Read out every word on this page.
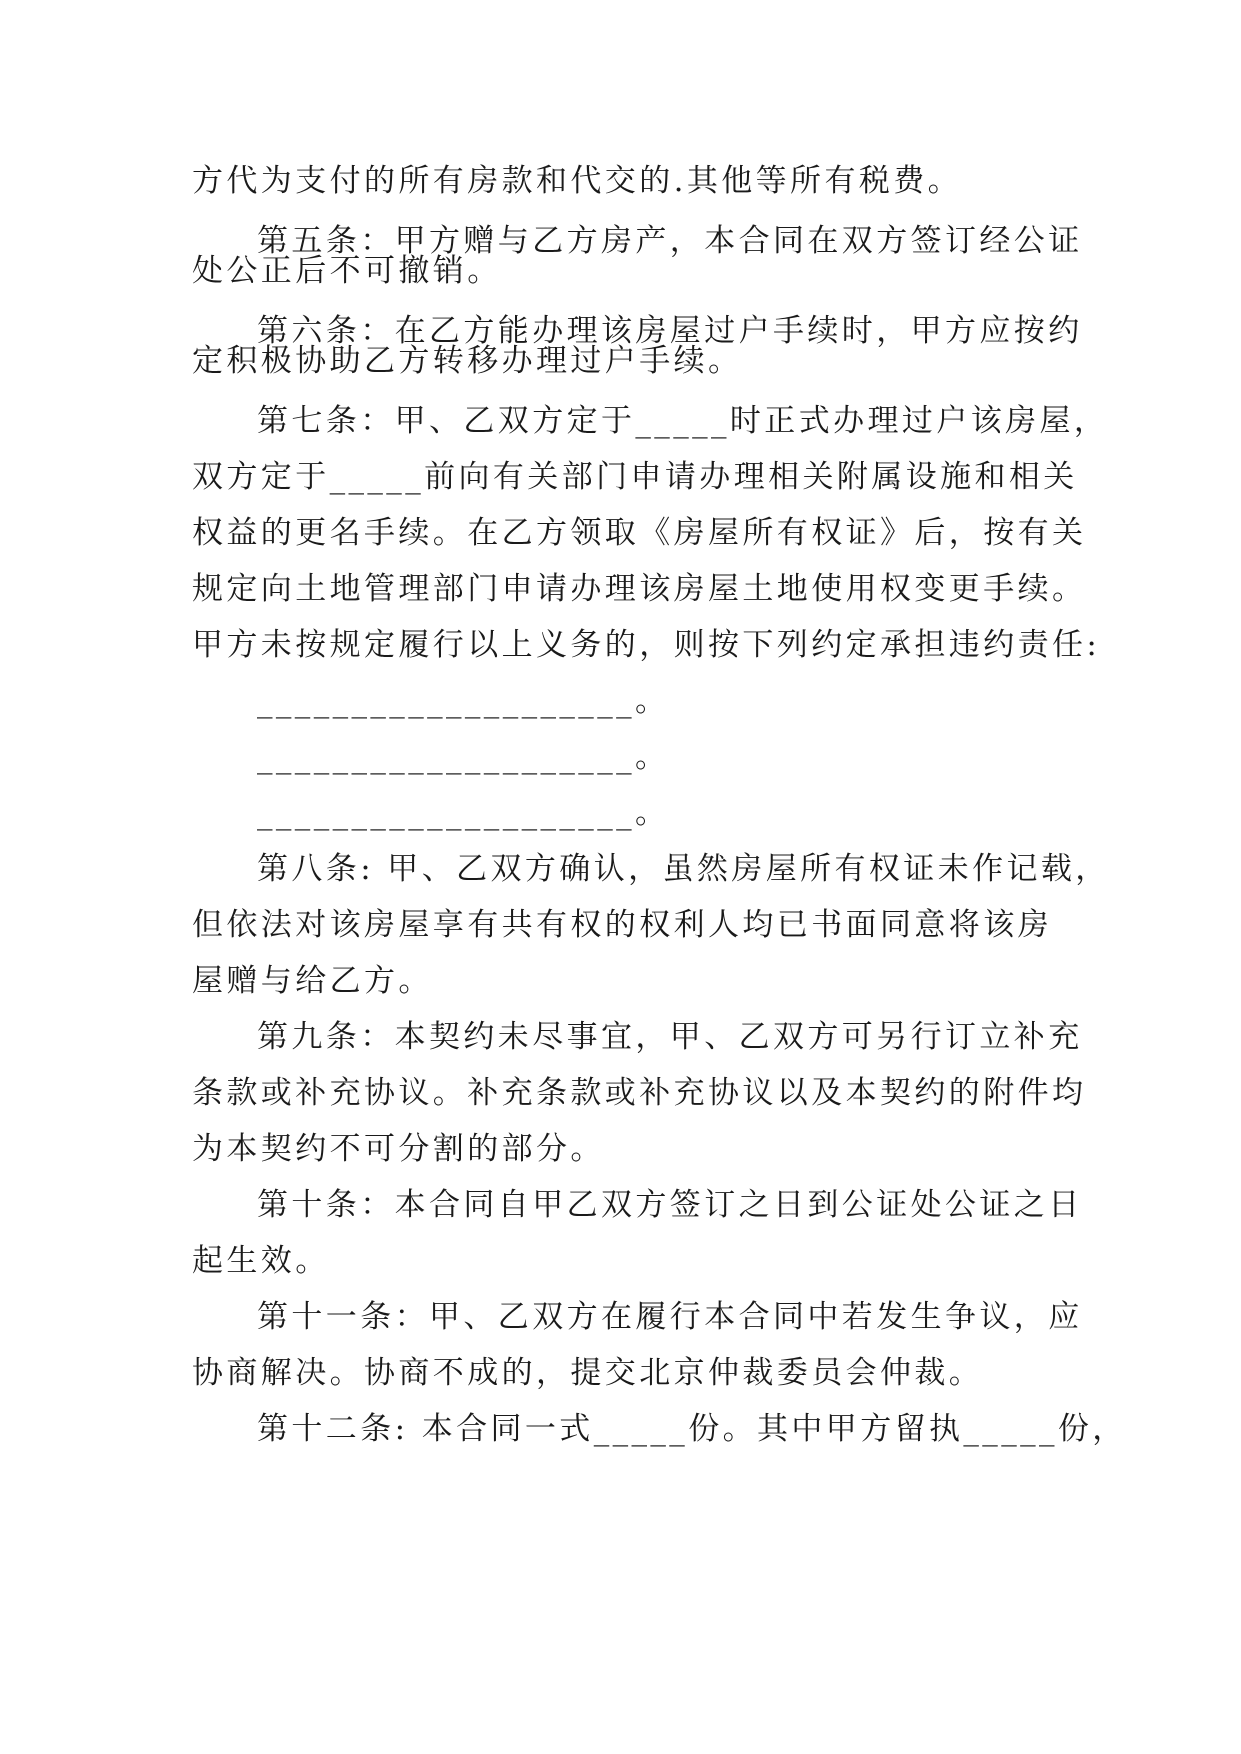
方代为支付的所有房款和代交的.其他等所有税费。
第五条：甲方赠与乙方房产，本合同在双方签订经公证
处公正后不可撤销。
第六条：在乙方能办理该房屋过户手续时，甲方应按约
定积极协助乙方转移办理过户手续。
第七条：甲、乙双方定于_____时正式办理过户该房屋，
双方定于_____前向有关部门申请办理相关附属设施和相关
权益的更名手续。在乙方领取《房屋所有权证》后，按有关
规定向土地管理部门申请办理该房屋土地使用权变更手续。
甲方未按规定履行以上义务的，则按下列约定承担违约责任:
____________________。
____________________。
____________________。
第八条: 甲、乙双方确认，虽然房屋所有权证未作记载，
但依法对该房屋享有共有权的权利人均已书面同意将该房
屋赠与给乙方。
第九条：本契约未尽事宜，甲、乙双方可另行订立补充
条款或补充协议。补充条款或补充协议以及本契约的附件均
为本契约不可分割的部分。
第十条：本合同自甲乙双方签订之日到公证处公证之日
起生效。
第十一条：甲、乙双方在履行本合同中若发生争议，应
协商解决。协商不成的，提交北京仲裁委员会仲裁。
第十二条: 本合同一式_____份。其中甲方留执_____份，
